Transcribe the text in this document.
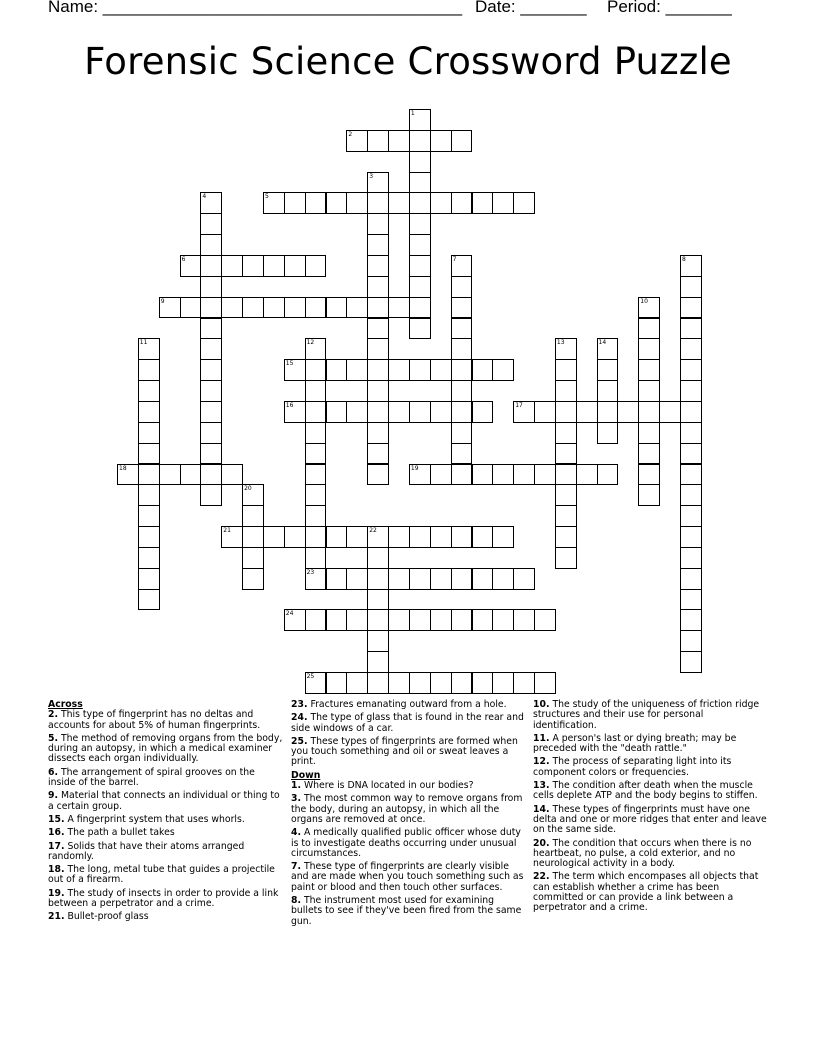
Name: ______________________________________ Date: _______ Period: _______
Forensic Science Crossword Puzzle
2
5
6
9
15
16	17
18	19
21
23
24
25
1
3
4
7	8
10
11	12	13	14
20
22
Across
2. This type of fingerprint has no deltas and accounts for about 5% of human fingerprints.
5. The method of removing organs from the body, during an autopsy, in which a medical examiner dissects each organ individually.
6. The arrangement of spiral grooves on the inside of the barrel.
9. Material that connects an individual or thing to a certain group.
15. A fingerprint system that uses whorls.
16. The path a bullet takes
17. Solids that have their atoms arranged randomly.
18. The long, metal tube that guides a projectile out of a firearm.
19. The study of insects in order to provide a link between a perpetrator and a crime.
21. Bullet-proof glass
23. Fractures emanating outward from a hole.
24. The type of glass that is found in the rear and side windows of a car.
25. These types of fingerprints are formed when you touch something and oil or sweat leaves a print.
Down
1. Where is DNA located in our bodies?
3. The most common way to remove organs from the body, during an autopsy, in which all the organs are removed at once.
4. A medically qualified public officer whose duty is to investigate deaths occurring under unusual circumstances.
7. These type of fingerprints are clearly visible and are made when you touch something such as paint or blood and then touch other surfaces.
8. The instrument most used for examining bullets to see if they've been fired from the same gun.
10. The study of the uniqueness of friction ridge structures and their use for personal identification.
11. A person's last or dying breath; may be preceded with the "death rattle."
12. The process of separating light into its component colors or frequencies.
13. The condition after death when the muscle cells deplete ATP and the body begins to stiffen.
14. These types of fingerprints must have one delta and one or more ridges that enter and leave on the same side.
20. The condition that occurs when there is no heartbeat, no pulse, a cold exterior, and no neurological activity in a body.
22. The term which encompases all objects that can establish whether a crime has been committed or can provide a link between a perpetrator and a crime.
